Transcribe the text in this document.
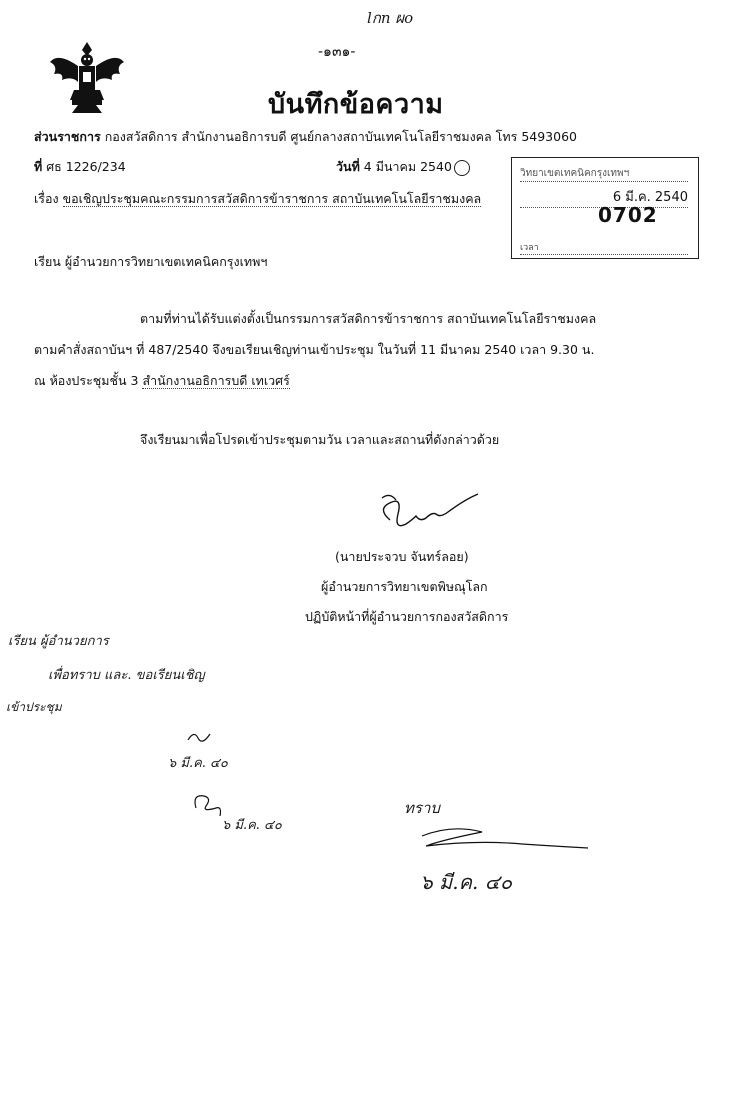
lกn ผo
-๑๓๑-
บันทึกข้อความ
ส่วนราชการ กองสวัสดิการ สำนักงานอธิการบดี ศูนย์กลางสถาบันเทคโนโลยีราชมงคล โทร 5493060
ที่ ศธ 1226/234	วันที่ 4 มีนาคม 2540
เรื่อง ขอเชิญประชุมคณะกรรมการสวัสดิการข้าราชการ สถาบันเทคโนโลยีราชมงคล
วิทยาเขตเทคนิคกรุงเทพฯ
6 มี.ค. 2540
0702
เวลา
เรียน ผู้อำนวยการวิทยาเขตเทคนิคกรุงเทพฯ
ตามที่ท่านได้รับแต่งตั้งเป็นกรรมการสวัสดิการข้าราชการ สถาบันเทคโนโลยีราชมงคล
ตามคำสั่งสถาบันฯ ที่ 487/2540 จึงขอเรียนเชิญท่านเข้าประชุม ในวันที่ 11 มีนาคม 2540 เวลา 9.30 น.
ณ ห้องประชุมชั้น 3 สำนักงานอธิการบดี เทเวศร์
จึงเรียนมาเพื่อโปรดเข้าประชุมตามวัน เวลาและสถานที่ดังกล่าวด้วย
(นายประจวบ จันทร์ลอย)
ผู้อำนวยการวิทยาเขตพิษณุโลก
ปฏิบัติหน้าที่ผู้อำนวยการกองสวัสดิการ
เรียน ผู้อำนวยการ
เพื่อทราบ และ. ขอเรียนเชิญ
เข้าประชุม
๖ มี.ค. ๔๐
๖ มี.ค. ๔๐
ทราบ
๖ มี.ค. ๔๐
